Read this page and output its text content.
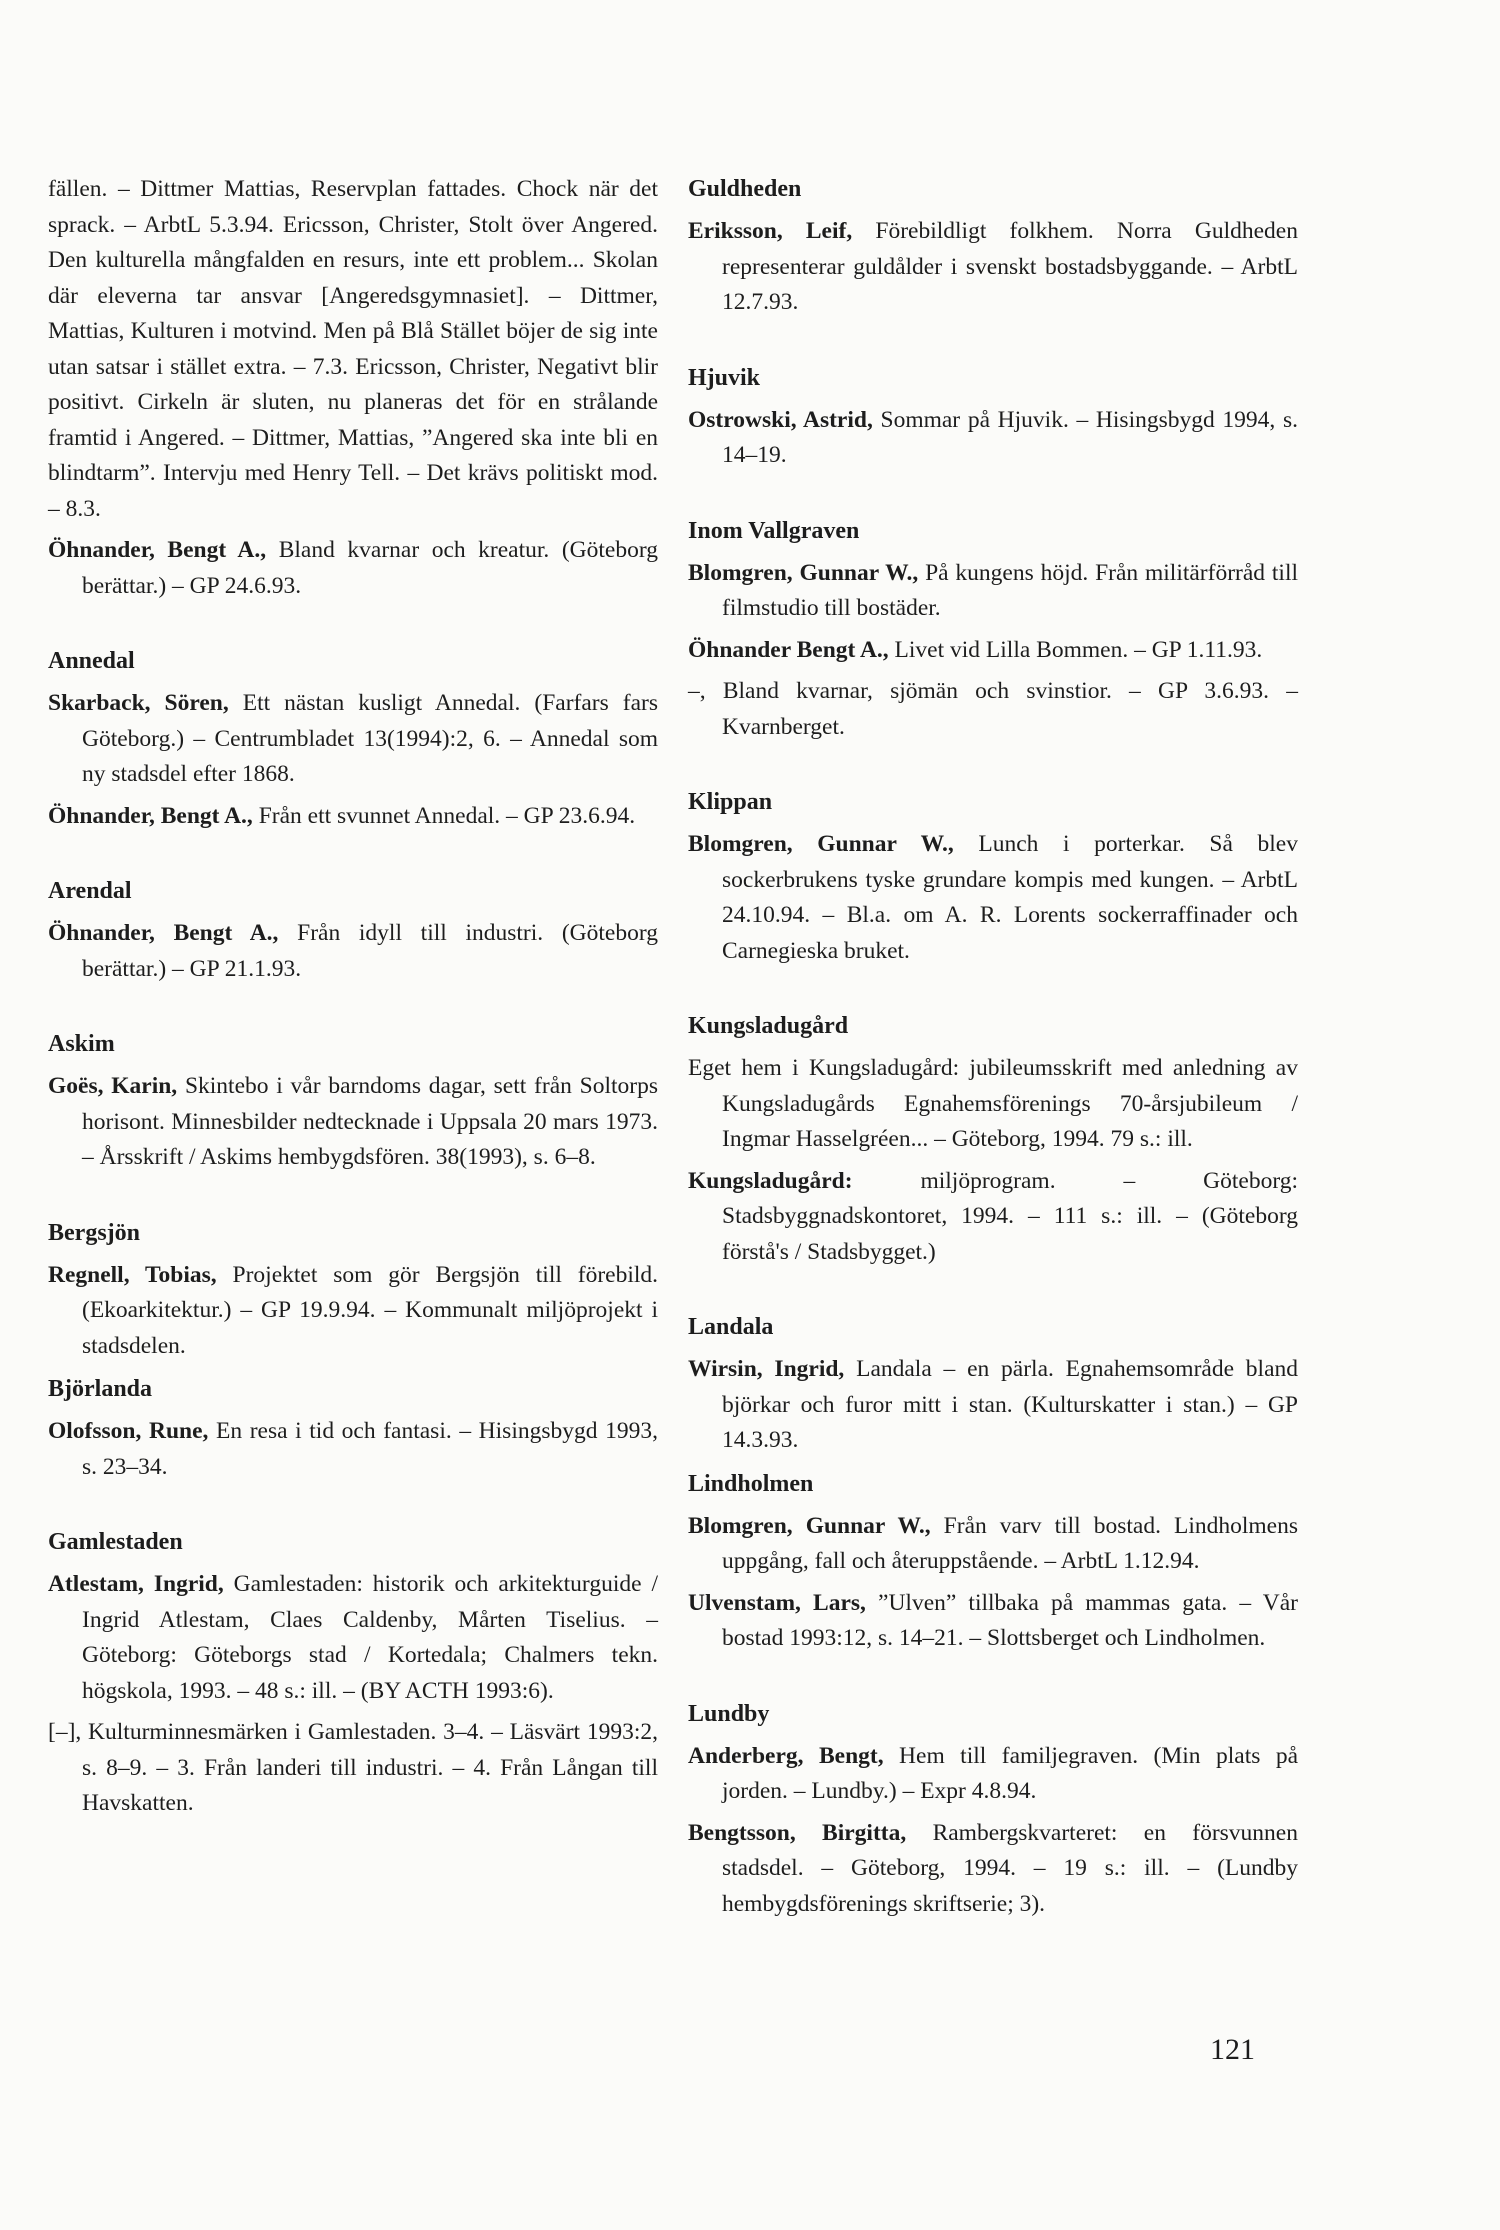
fällen. – Dittmer Mattias, Reservplan fattades. Chock när det sprack. – ArbtL 5.3.94. Ericsson, Christer, Stolt över Angered. Den kulturella mångfalden en resurs, inte ett problem... Skolan där eleverna tar ansvar [Angeredsgymnasiet]. – Dittmer, Mattias, Kulturen i motvind. Men på Blå Stället böjer de sig inte utan satsar i stället extra. – 7.3. Ericsson, Christer, Negativt blir positivt. Cirkeln är sluten, nu planeras det för en strålande framtid i Angered. – Dittmer, Mattias, ”Angered ska inte bli en blindtarm”. Intervju med Henry Tell. – Det krävs politiskt mod. – 8.3.

Öhnander, Bengt A., Bland kvarnar och kreatur. (Göteborg berättar.) – GP 24.6.93.

Annedal

Skarback, Sören, Ett nästan kusligt Annedal. (Farfars fars Göteborg.) – Centrumbladet 13(1994):2, 6. – Annedal som ny stadsdel efter 1868.

Öhnander, Bengt A., Från ett svunnet Annedal. – GP 23.6.94.

Arendal

Öhnander, Bengt A., Från idyll till industri. (Göteborg berättar.) – GP 21.1.93.

Askim

Goës, Karin, Skintebo i vår barndoms dagar, sett från Soltorps horisont. Minnesbilder nedtecknade i Uppsala 20 mars 1973. – Årsskrift / Askims hembygdsfören. 38(1993), s. 6–8.

Bergsjön

Regnell, Tobias, Projektet som gör Bergsjön till förebild. (Ekoarkitektur.) – GP 19.9.94. – Kommunalt miljöprojekt i stadsdelen.

Björlanda

Olofsson, Rune, En resa i tid och fantasi. – Hisingsbygd 1993, s. 23–34.

Gamlestaden

Atlestam, Ingrid, Gamlestaden: historik och arkitekturguide / Ingrid Atlestam, Claes Caldenby, Mårten Tiselius. – Göteborg: Göteborgs stad / Kortedala; Chalmers tekn. högskola, 1993. – 48 s.: ill. – (BY ACTH 1993:6).

[–], Kulturminnesmärken i Gamlestaden. 3–4. – Läsvärt 1993:2, s. 8–9. – 3. Från landeri till industri. – 4. Från Långan till Havskatten.

Guldheden

Eriksson, Leif, Förebildligt folkhem. Norra Guldheden representerar guldålder i svenskt bostadsbyggande. – ArbtL 12.7.93.

Hjuvik

Ostrowski, Astrid, Sommar på Hjuvik. – Hisingsbygd 1994, s. 14–19.

Inom Vallgraven

Blomgren, Gunnar W., På kungens höjd. Från militärförråd till filmstudio till bostäder.

Öhnander Bengt A., Livet vid Lilla Bommen. – GP 1.11.93.

–, Bland kvarnar, sjömän och svinstior. – GP 3.6.93. – Kvarnberget.

Klippan

Blomgren, Gunnar W., Lunch i porterkar. Så blev sockerbrukens tyske grundare kompis med kungen. – ArbtL 24.10.94. – Bl.a. om A. R. Lorents sockerraffinader och Carnegieska bruket.

Kungsladugård

Eget hem i Kungsladugård: jubileumsskrift med anledning av Kungsladugårds Egnahemsförenings 70-årsjubileum / Ingmar Hasselgréen... – Göteborg, 1994. 79 s.: ill.

Kungsladugård: miljöprogram. – Göteborg: Stadsbyggnadskontoret, 1994. – 111 s.: ill. – (Göteborg förstå's / Stadsbygget.)

Landala

Wirsin, Ingrid, Landala – en pärla. Egnahemsområde bland björkar och furor mitt i stan. (Kulturskatter i stan.) – GP 14.3.93.

Lindholmen

Blomgren, Gunnar W., Från varv till bostad. Lindholmens uppgång, fall och återuppstående. – ArbtL 1.12.94.

Ulvenstam, Lars, ”Ulven” tillbaka på mammas gata. – Vår bostad 1993:12, s. 14–21. – Slottsberget och Lindholmen.

Lundby

Anderberg, Bengt, Hem till familjegraven. (Min plats på jorden. – Lundby.) – Expr 4.8.94.

Bengtsson, Birgitta, Rambergskvarteret: en försvunnen stadsdel. – Göteborg, 1994. – 19 s.: ill. – (Lundby hembygdsförenings skriftserie; 3).

121
